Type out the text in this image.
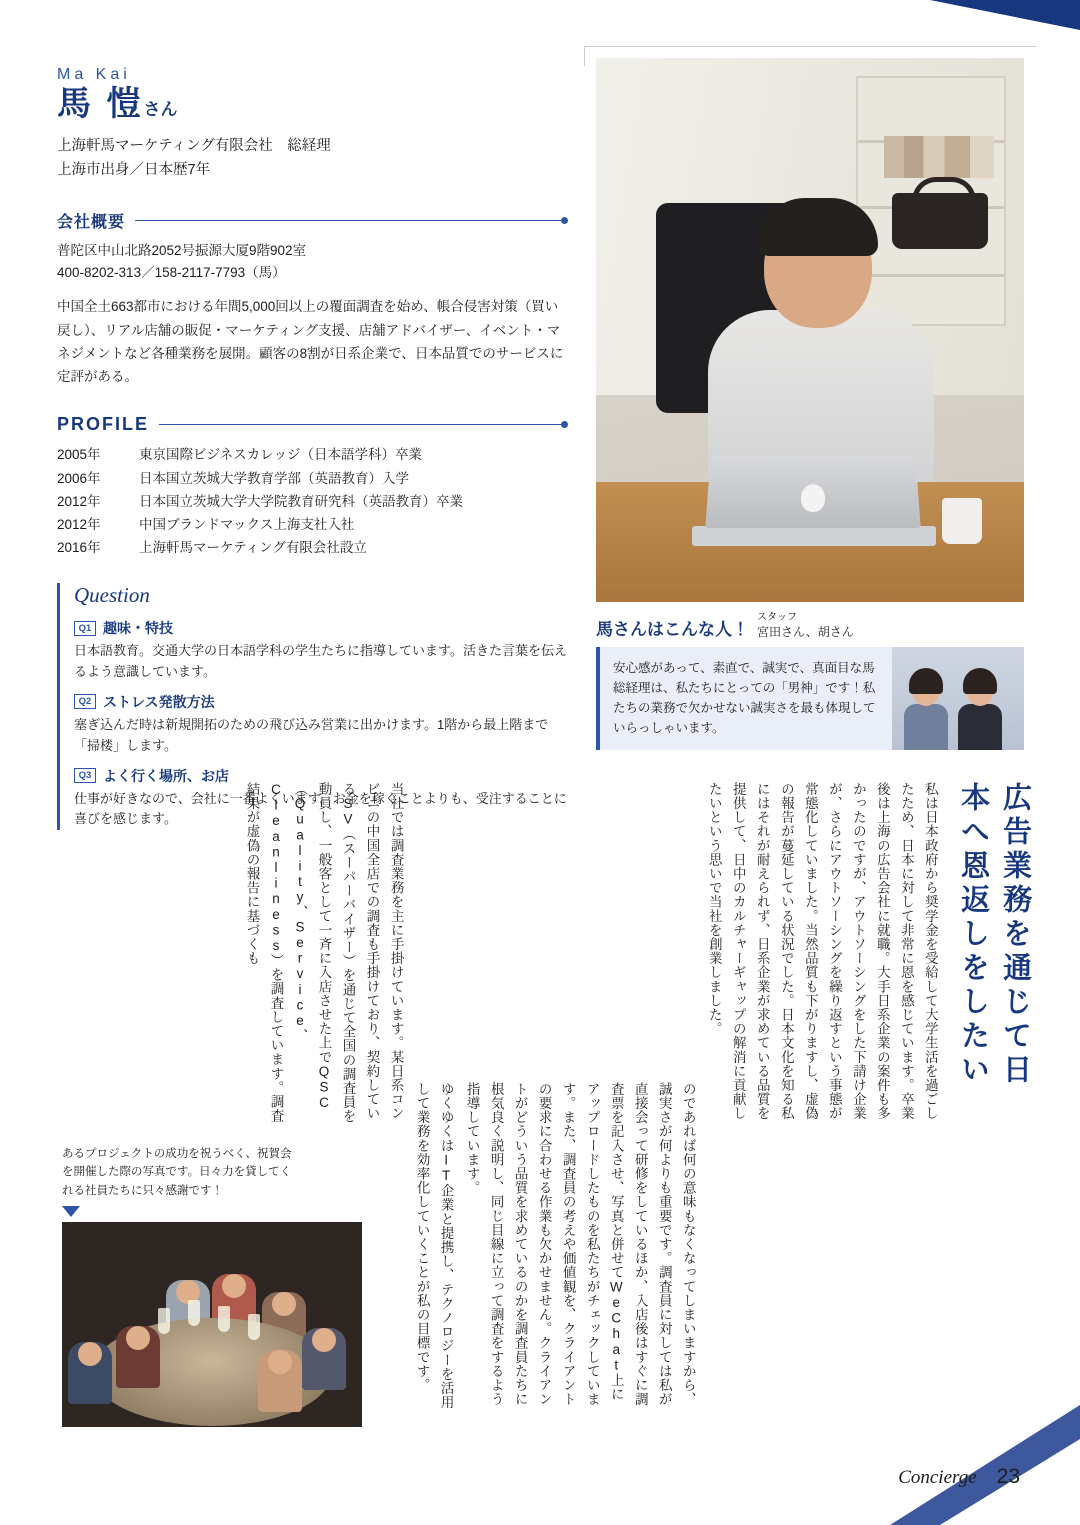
Ma Kai
馬 愷さん
上海軒馬マーケティング有限会社　総経理
上海市出身／日本歴7年
会社概要
普陀区中山北路2052号振源大厦9階902室
400-8202-313／158-2117-7793（馬）
中国全土663都市における年間5,000回以上の覆面調査を始め、帳合侵害対策（買い戻し）、リアル店舗の販促・マーケティング支援、店舗アドバイザー、イベント・マネジメントなど各種業務を展開。顧客の8割が日系企業で、日本品質でのサービスに定評がある。
PROFILE
2005年	東京国際ビジネスカレッジ（日本語学科）卒業
2006年	日本国立茨城大学教育学部（英語教育）入学
2012年	日本国立茨城大学大学院教育研究科（英語教育）卒業
2012年	中国ブランドマックス上海支社入社
2016年	上海軒馬マーケティング有限会社設立
Question
Q1 趣味・特技
日本語教育。交通大学の日本語学科の学生たちに指導しています。活きた言葉を伝えるよう意識しています。
Q2 ストレス発散方法
塞ぎ込んだ時は新規開拓のための飛び込み営業に出かけます。1階から最上階まで「掃楼」します。
Q3 よく行く場所、お店
仕事が好きなので、会社に一番よくいます。お金を稼ぐことよりも、受注することに喜びを感じます。
馬さんはこんな人！
スタッフ
宮田さん、胡さん
安心感があって、素直で、誠実で、真面目な馬総経理は、私たちにとっての「男神」です！私たちの業務で欠かせない誠実さを最も体現していらっしゃいます。
広告業務を通じて日本へ恩返しをしたい
私は日本政府から奨学金を受給して大学生活を過ごしたため、日本に対して非常に恩を感じています。卒業後は上海の広告会社に就職。大手日系企業の案件も多かったのですが、アウトソーシングをした下請け企業が、さらにアウトソーシングを繰り返すという事態が常態化していました。当然品質も下がりますし、虚偽の報告が蔓延している状況でした。日本文化を知る私にはそれが耐えられず、日系企業が求めている品質を提供して、日中のカルチャーギャップの解消に貢献したいという思いで当社を創業しました。
のであれば何の意味もなくなってしまいますから、誠実さが何よりも重要です。調査員に対しては私が直接会って研修をしているほか、入店後はすぐに調査票を記入させ、写真と併せてWeChat上にアップロードしたものを私たちがチェックしています。また、調査員の考えや価値観を、クライアントの要求に合わせる作業も欠かせません。クライアントがどういう品質を求めているのかを調査員たちに根気良く説明し、同じ目線に立って調査をするよう指導しています。
ゆくゆくはIT企業と提携し、テクノロジーを活用して業務を効率化していくことが私の目標です。
当社では調査業務を主に手掛けています。某日系コンビニの中国全店での調査も手掛けており、契約しているSV（スーパーバイザー）を通じて全国の調査員を動員し、一般客として一斉に入店させた上でQSC（Quality、Service、Cleanliness）を調査しています。調査結果が虚偽の報告に基づくも
あるプロジェクトの成功を祝うべく、祝賀会を開催した際の写真です。日々力を貸してくれる社員たちに只々感謝です！
Concierge 23
